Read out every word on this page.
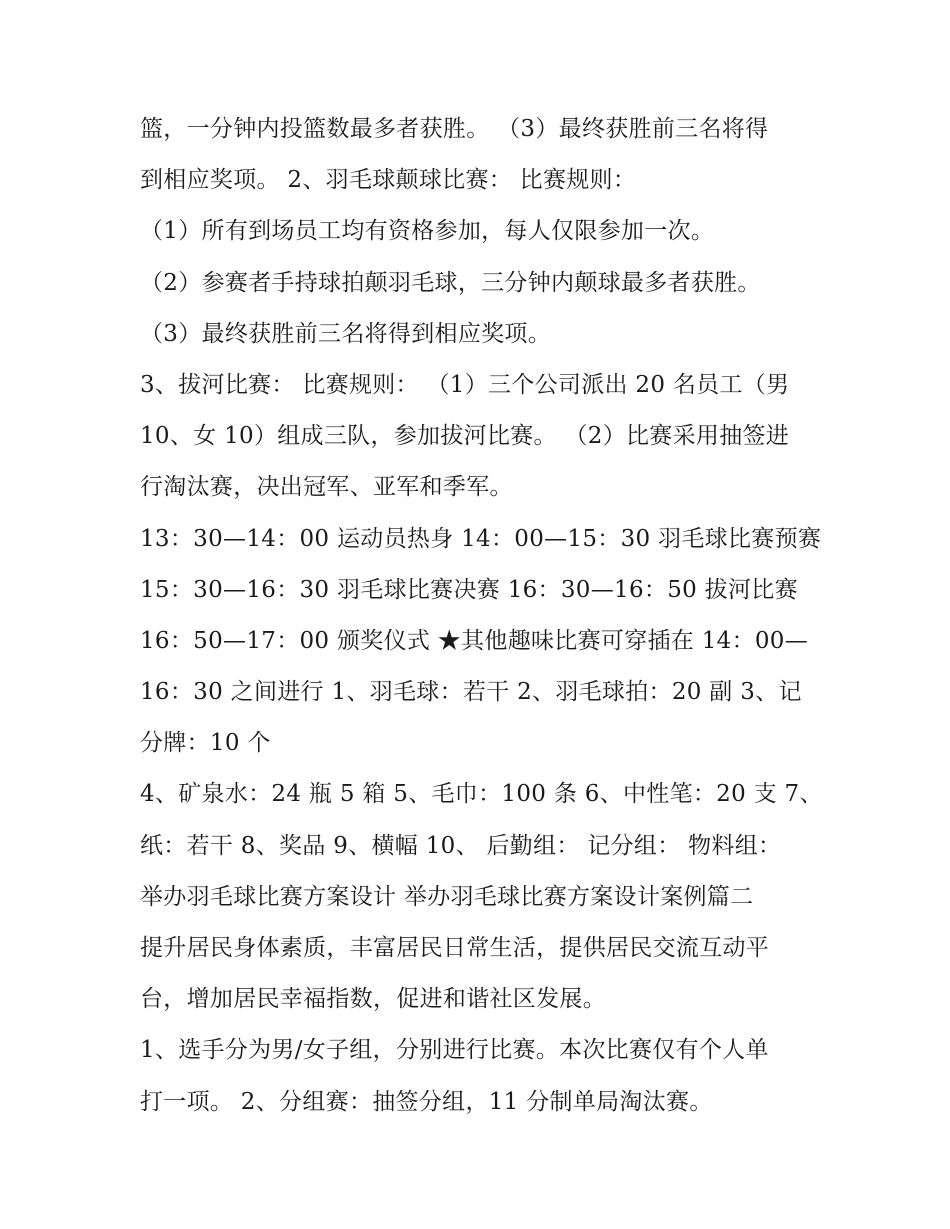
篮，一分钟内投篮数最多者获胜。 （3）最终获胜前三名将得
到相应奖项。 2、羽毛球颠球比赛： 比赛规则：
（1）所有到场员工均有资格参加，每人仅限参加一次。
（2）参赛者手持球拍颠羽毛球，三分钟内颠球最多者获胜。
（3）最终获胜前三名将得到相应奖项。
3、拔河比赛： 比赛规则： （1）三个公司派出 20 名员工（男
10、女 10）组成三队，参加拔河比赛。 （2）比赛采用抽签进
行淘汰赛，决出冠军、亚军和季军。
13：30—14：00 运动员热身 14：00—15：30 羽毛球比赛预赛
15：30—16：30 羽毛球比赛决赛 16：30—16：50 拔河比赛
16：50—17：00 颁奖仪式 ★其他趣味比赛可穿插在 14：00—
16：30 之间进行 1、羽毛球：若干 2、羽毛球拍：20 副 3、记
分牌：10 个
4、矿泉水：24 瓶 5 箱 5、毛巾：100 条 6、中性笔：20 支 7、
纸：若干 8、奖品 9、横幅 10、 后勤组： 记分组： 物料组：
举办羽毛球比赛方案设计 举办羽毛球比赛方案设计案例篇二
提升居民身体素质，丰富居民日常生活，提供居民交流互动平
台，增加居民幸福指数，促进和谐社区发展。
1、选手分为男/女子组，分别进行比赛。本次比赛仅有个人单
打一项。 2、分组赛：抽签分组，11 分制单局淘汰赛。
